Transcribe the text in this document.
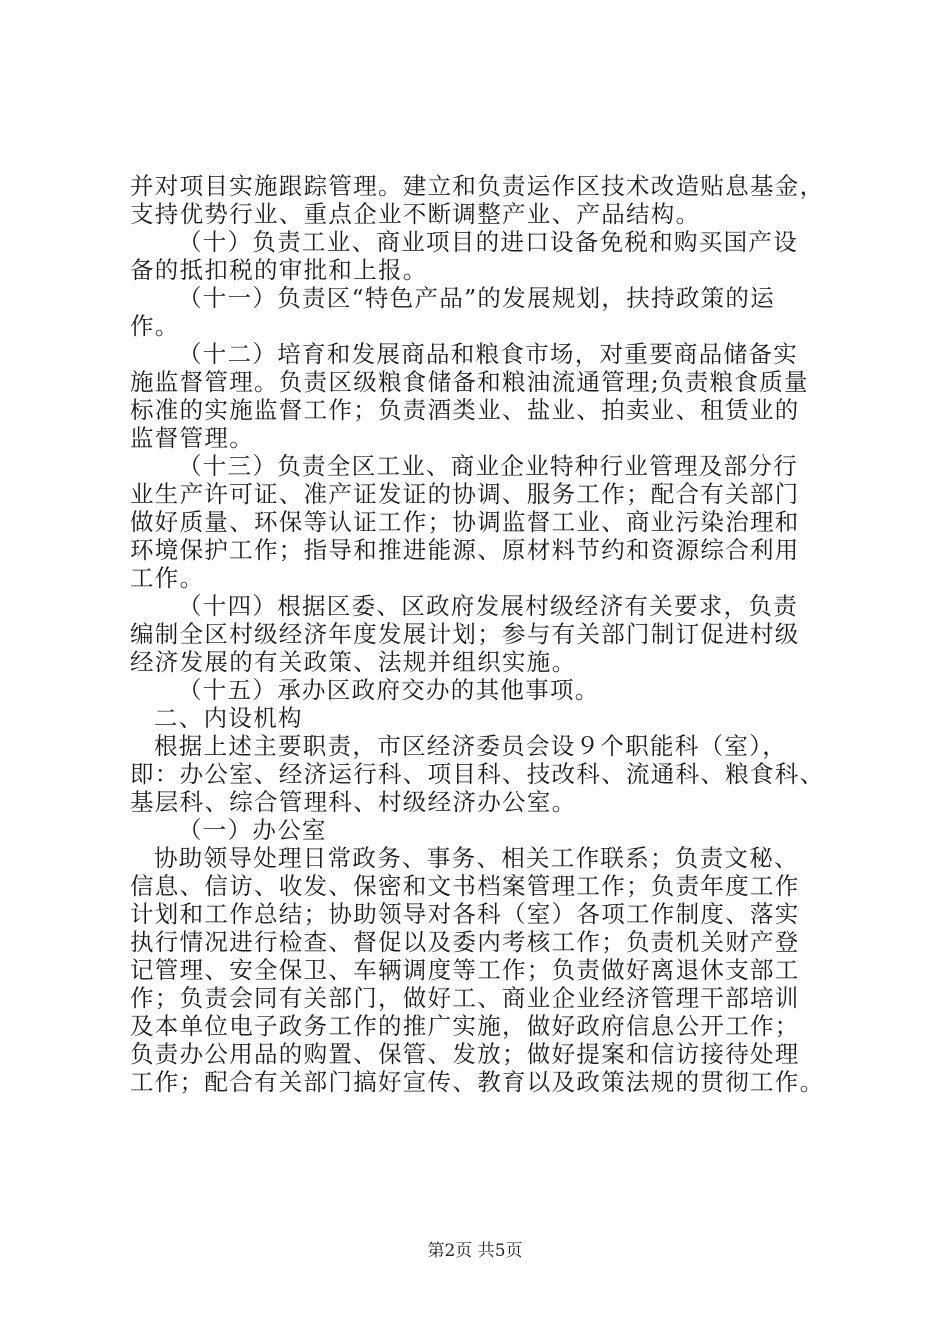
并对项目实施跟踪管理。建立和负责运作区技术改造贴息基金，
支持优势行业、重点企业不断调整产业、产品结构。
（十）负责工业、商业项目的进口设备免税和购买国产设
备的抵扣税的审批和上报。
（十一）负责区“特色产品”的发展规划，扶持政策的运
作。
（十二）培育和发展商品和粮食市场，对重要商品储备实
施监督管理。负责区级粮食储备和粮油流通管理;负责粮食质量
标准的实施监督工作；负责酒类业、盐业、拍卖业、租赁业的
监督管理。
（十三）负责全区工业、商业企业特种行业管理及部分行
业生产许可证、准产证发证的协调、服务工作；配合有关部门
做好质量、环保等认证工作；协调监督工业、商业污染治理和
环境保护工作；指导和推进能源、原材料节约和资源综合利用
工作。
（十四）根据区委、区政府发展村级经济有关要求，负责
编制全区村级经济年度发展计划；参与有关部门制订促进村级
经济发展的有关政策、法规并组织实施。
（十五）承办区政府交办的其他事项。
二、内设机构
根据上述主要职责，市区经济委员会设９个职能科（室），
即：办公室、经济运行科、项目科、技改科、流通科、粮食科、
基层科、综合管理科、村级经济办公室。
（一）办公室
协助领导处理日常政务、事务、相关工作联系；负责文秘、
信息、信访、收发、保密和文书档案管理工作；负责年度工作
计划和工作总结；协助领导对各科（室）各项工作制度、落实
执行情况进行检查、督促以及委内考核工作；负责机关财产登
记管理、安全保卫、车辆调度等工作；负责做好离退休支部工
作；负责会同有关部门，做好工、商业企业经济管理干部培训
及本单位电子政务工作的推广实施，做好政府信息公开工作；
负责办公用品的购置、保管、发放；做好提案和信访接待处理
工作；配合有关部门搞好宣传、教育以及政策法规的贯彻工作。
第2页 共5页
